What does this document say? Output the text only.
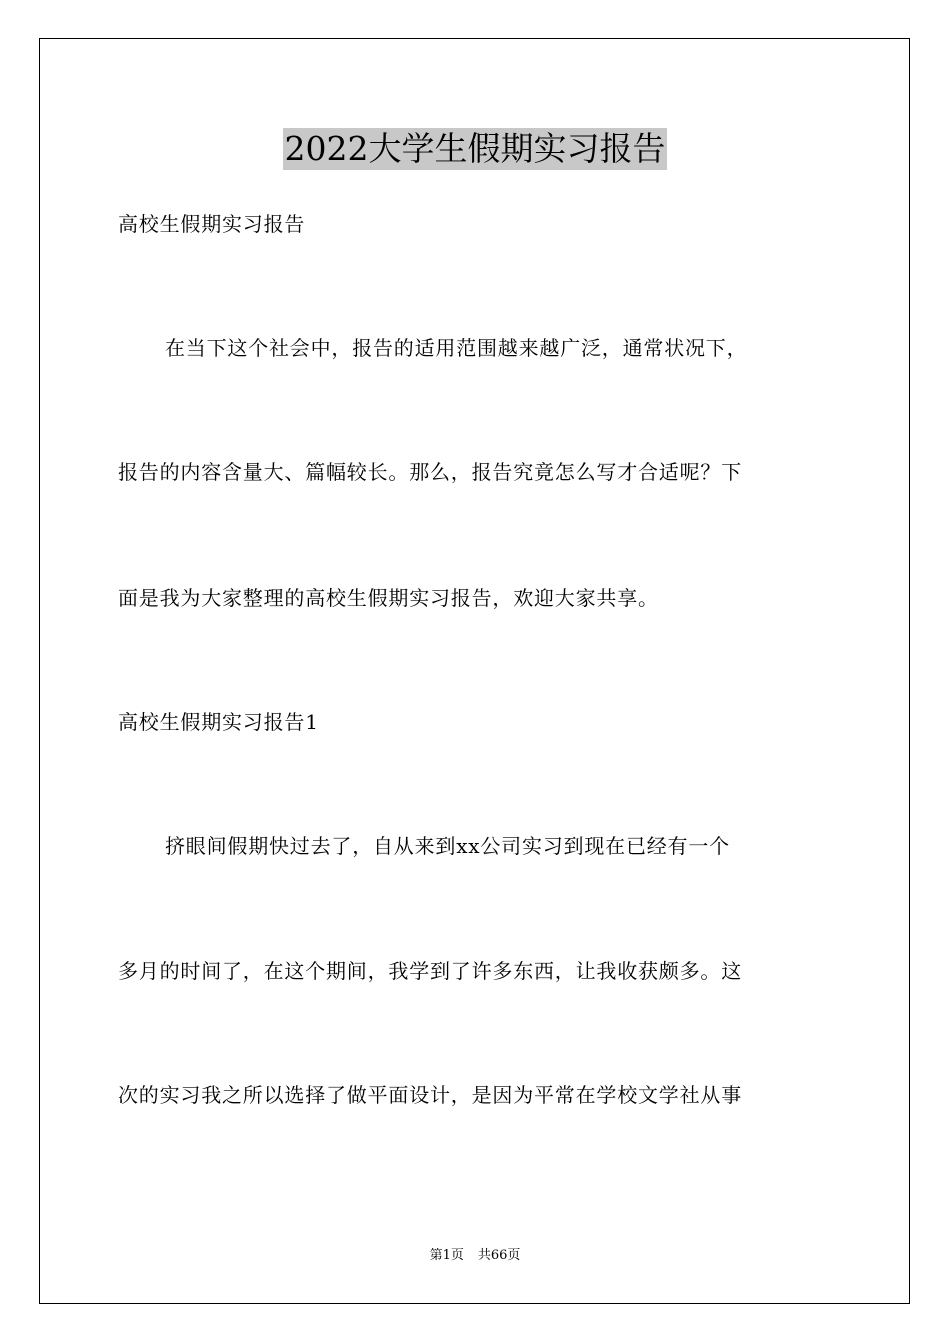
2022大学生假期实习报告
高校生假期实习报告
在当下这个社会中，报告的适用范围越来越广泛，通常状况下，
报告的内容含量大、篇幅较长。那么，报告究竟怎么写才合适呢？下
面是我为大家整理的高校生假期实习报告，欢迎大家共享。
高校生假期实习报告1
挤眼间假期快过去了，自从来到xx公司实习到现在已经有一个
多月的时间了，在这个期间，我学到了许多东西，让我收获颇多。这
次的实习我之所以选择了做平面设计，是因为平常在学校文学社从事
第1页 共66页
